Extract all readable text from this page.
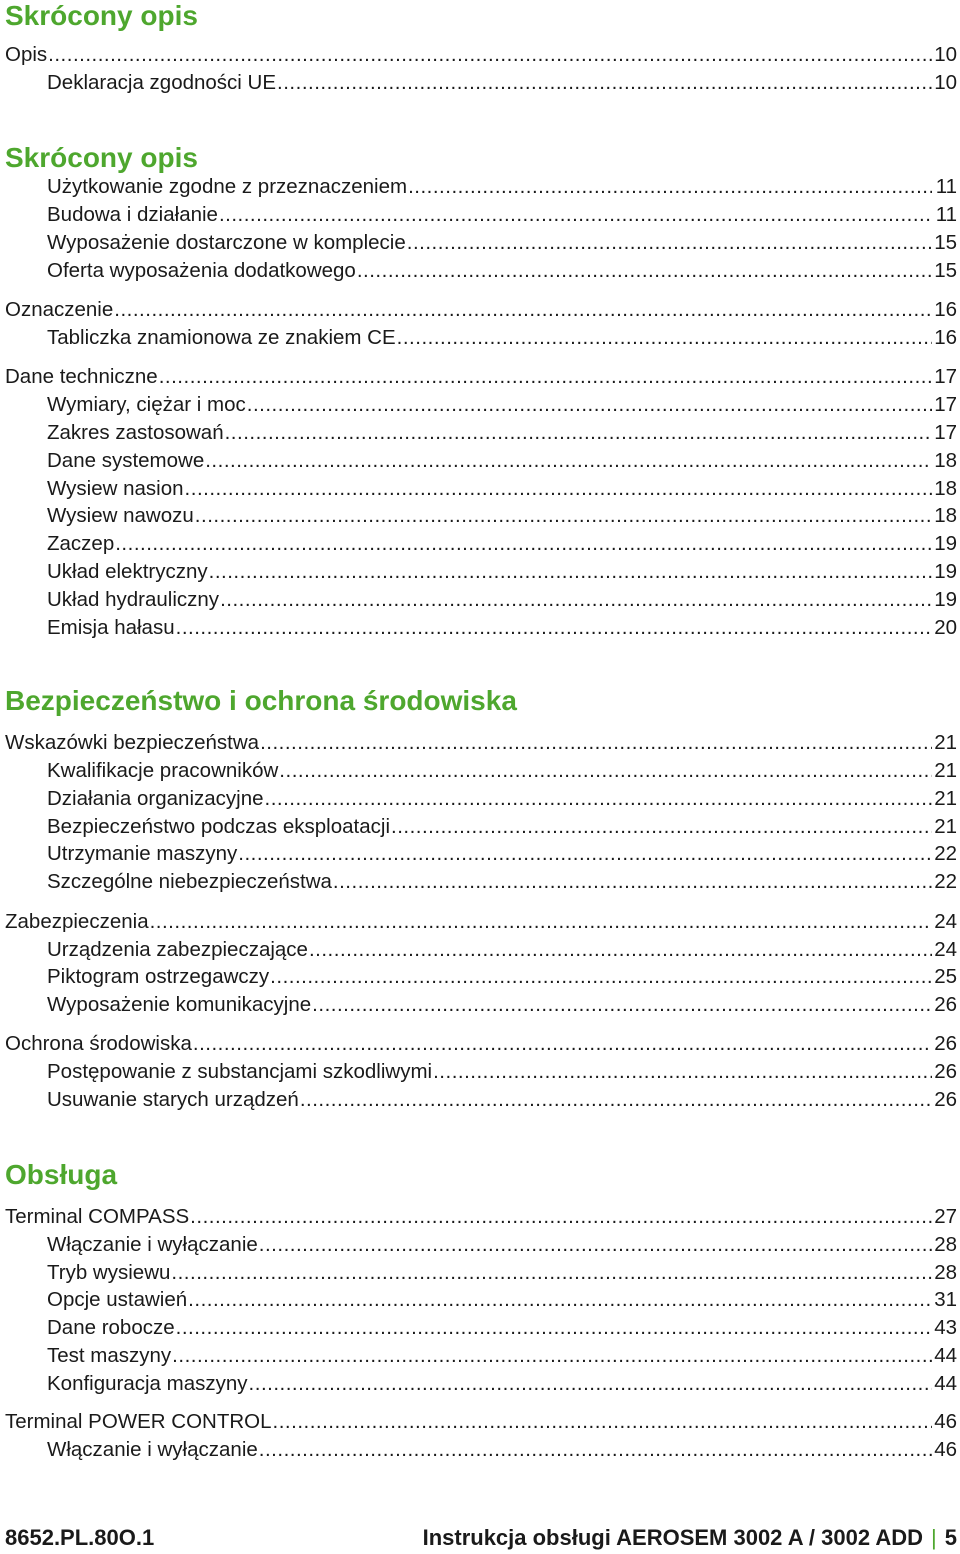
Skrócony opis
Opis .....	10
Deklaracja zgodności UE .....	10
Skrócony opis
Użytkowanie zgodne z przeznaczeniem .....	11
Budowa i działanie .....	11
Wyposażenie dostarczone w komplecie .....	15
Oferta wyposażenia dodatkowego .....	15
Oznaczenie .....	16
Tabliczka znamionowa ze znakiem CE .....	16
Dane techniczne .....	17
Wymiary, ciężar i moc .....	17
Zakres zastosowań .....	17
Dane systemowe .....	18
Wysiew nasion .....	18
Wysiew nawozu .....	18
Zaczep .....	19
Układ elektryczny .....	19
Układ hydrauliczny .....	19
Emisja hałasu .....	20
Bezpieczeństwo i ochrona środowiska
Wskazówki bezpieczeństwa .....	21
Kwalifikacje pracowników .....	21
Działania organizacyjne .....	21
Bezpieczeństwo podczas eksploatacji .....	21
Utrzymanie maszyny .....	22
Szczególne niebezpieczeństwa .....	22
Zabezpieczenia .....	24
Urządzenia zabezpieczające .....	24
Piktogram ostrzegawczy .....	25
Wyposażenie komunikacyjne .....	26
Ochrona środowiska .....	26
Postępowanie z substancjami szkodliwymi .....	26
Usuwanie starych urządzeń .....	26
Obsługa
Terminal COMPASS .....	27
Włączanie i wyłączanie .....	28
Tryb wysiewu .....	28
Opcje ustawień .....	31
Dane robocze .....	43
Test maszyny .....	44
Konfiguracja maszyny .....	44
Terminal POWER CONTROL .....	46
Włączanie i wyłączanie .....	46
8652.PL.80O.1	Instrukcja obsługi AEROSEM 3002 A / 3002 ADD | 5
